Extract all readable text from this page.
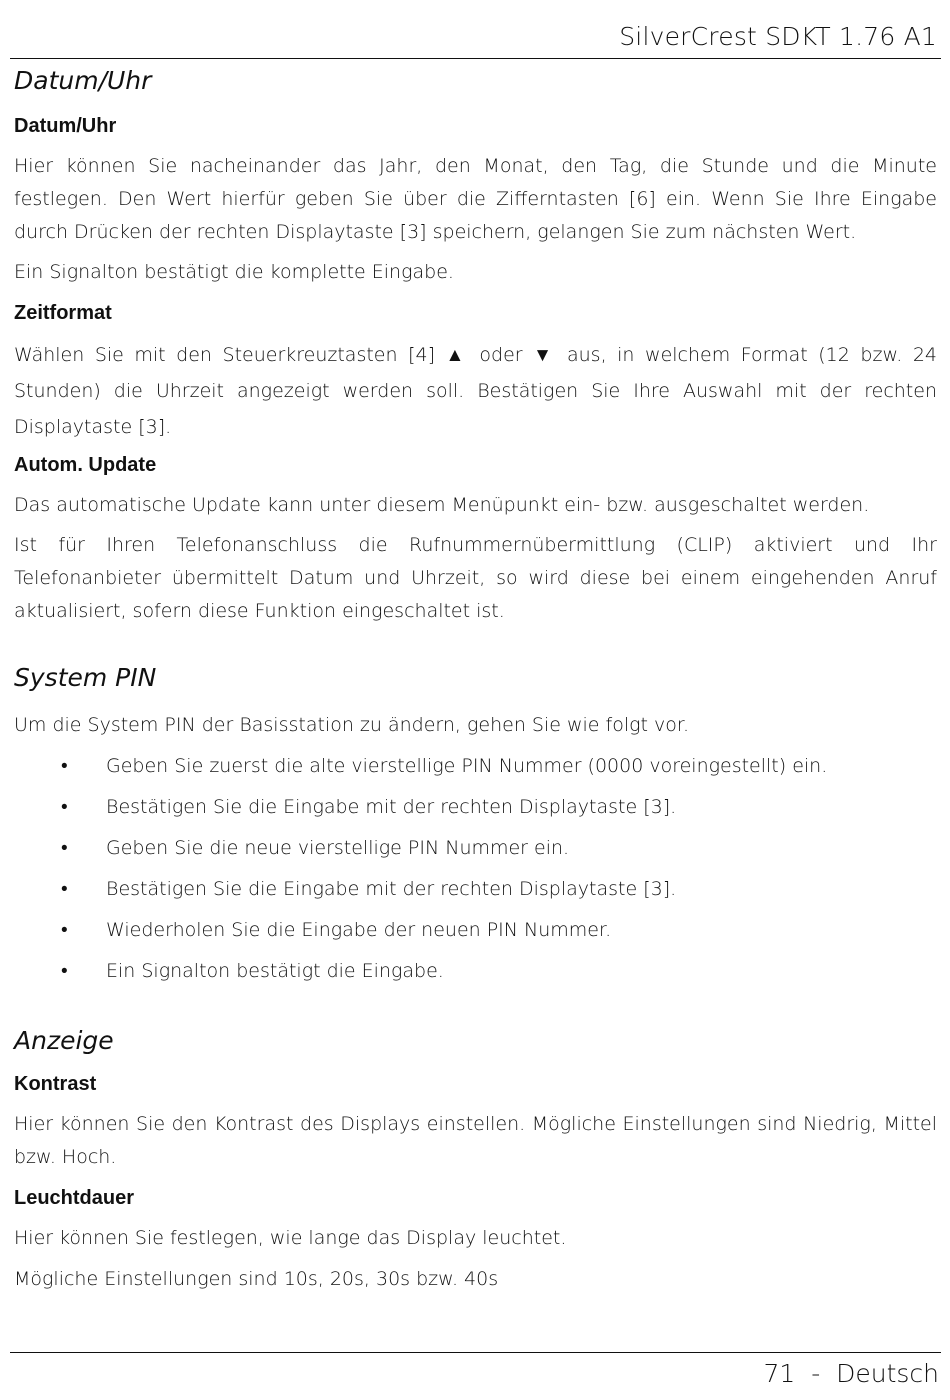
SilverCrest SDKT 1.76 A1
Datum/Uhr
Datum/Uhr

Hier können Sie nacheinander das Jahr, den Monat, den Tag, die Stunde und die Minute festlegen. Den Wert hierfür geben Sie über die Zifferntasten [6] ein. Wenn Sie Ihre Eingabe durch Drücken der rechten Displaytaste [3] speichern, gelangen Sie zum nächsten Wert.

Ein Signalton bestätigt die komplette Eingabe.

Zeitformat

Wählen Sie mit den Steuerkreuztasten [4] ▲ oder ▼ aus, in welchem Format (12 bzw. 24 Stunden) die Uhrzeit angezeigt werden soll. Bestätigen Sie Ihre Auswahl mit der rechten Displaytaste [3].

Autom. Update

Das automatische Update kann unter diesem Menüpunkt ein- bzw. ausgeschaltet werden.

Ist für Ihren Telefonanschluss die Rufnummernübermittlung (CLIP) aktiviert und Ihr Telefonanbieter übermittelt Datum und Uhrzeit, so wird diese bei einem eingehenden Anruf aktualisiert, sofern diese Funktion eingeschaltet ist.

System PIN

Um die System PIN der Basisstation zu ändern, gehen Sie wie folgt vor.

• Geben Sie zuerst die alte vierstellige PIN Nummer (0000 voreingestellt) ein.
• Bestätigen Sie die Eingabe mit der rechten Displaytaste [3].
• Geben Sie die neue vierstellige PIN Nummer ein.
• Bestätigen Sie die Eingabe mit der rechten Displaytaste [3].
• Wiederholen Sie die Eingabe der neuen PIN Nummer.
• Ein Signalton bestätigt die Eingabe.
Anzeige
Kontrast

Hier können Sie den Kontrast des Displays einstellen. Mögliche Einstellungen sind Niedrig, Mittel bzw. Hoch.

Leuchtdauer

Hier können Sie festlegen, wie lange das Display leuchtet.

Mögliche Einstellungen sind 10s, 20s, 30s bzw. 40s

71  -  Deutsch
